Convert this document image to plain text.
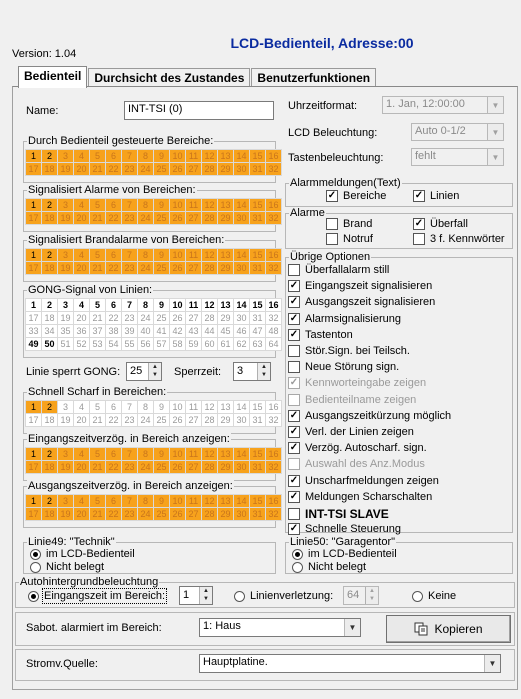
LCD-Bedienteil, Adresse:00
Version: 1.04
Bedienteil	Durchsicht des Zustandes	Benutzerfunktionen
Name:	INT-TSI (0)
Durch Bedienteil gesteuerte Bereiche:
1	2	3	4	5	6	7	8	9 10 11 12 13 14 15 16
17 18 19 20 21 22 23 24 25 26 27 28 29 30 31 32
Signalisiert Alarme von Bereichen:
1	2	3	4	5	6	7	8	9 10 11 12 13 14 15 16
17 18 19 20 21 22 23 24 25 26 27 28 29 30 31 32
Signalisiert Brandalarme von Bereichen:
1	2	3	4	5	6	7	8	9 10 11 12 13 14 15 16
17 18 19 20 21 22 23 24 25 26 27 28 29 30 31 32
GONG-Signal von Linien:
1	2	3	4	5	6	7	8	9 10 11 12 13 14 15 16
17 18 19 20 21 22 23 24 25 26 27 28 29 30 31 32
33 34 35 36 37 38 39 40 41 42 43 44 45 46 47 48
49 50 51 52 53 54 55 56 57 58 59 60 61 62 63 64
Schnell Scharf in Bereichen:
1	2	3	4	5	6	7	8	9 10 11 12 13 14 15 16
17 18 19 20 21 22 23 24 25 26 27 28 29 30 31 32
Eingangszeitverzög. in Bereich anzeigen:
1	2	3	4	5	6	7	8	9 10 11 12 13 14 15 16
17 18 19 20 21 22 23 24 25 26 27 28 29 30 31 32
Ausgangszeitverzög. in Bereich anzeigen:
1	2	3	4	5	6	7	8	9 10 11 12 13 14 15 16
17 18 19 20 21 22 23 24 25 26 27 28 29 30 31 32
Linie sperrt GONG: 25	▲
▼ Sperrzeit: 3	▲
▼
Uhrzeitformat:	1. Jan, 12:00:00	▼
LCD Beleuchtung:	Auto 0-1/2	▼
Tastenbeleuchtung:	fehlt	▼
Alarmmeldungen(Text)
✓ Bereiche	✓ Linien
Alarme
Brand	✓ Überfall
Notruf	3 f. Kennwörter
Übrige Optionen
Überfallalarm still
✓ Eingangszeit signalisieren
✓ Ausgangszeit signalisieren
✓ Alarmsignalisierung
✓ Tastenton
Stör.Sign. bei Teilsch.
Neue Störung sign.
✓ Kennworteingabe zeigen
Bedienteilname zeigen
✓ Ausgangszeitkürzung möglich
✓ Verl. der Linien zeigen
✓ Verzög. Autoscharf. sign.
Auswahl des Anz.Modus
✓ Unscharfmeldungen zeigen
✓ Meldungen Scharschalten
INT-TSI SLAVE
✓ Schnelle Steuerung
Linie49: "Technik"
im LCD-Bedienteil
Nicht belegt
Linie50: "Garagentor"
im LCD-Bedienteil
Nicht belegt
Autohintergrundbeleuchtung
Eingangszeit im Bereich: 1	▲
▼	Linienverletzung: 64	▲
▼	Keine
Sabot. alarmiert im Bereich:	1: Haus	▼	Kopieren
Stromv.Quelle:	Hauptplatine.	▼
